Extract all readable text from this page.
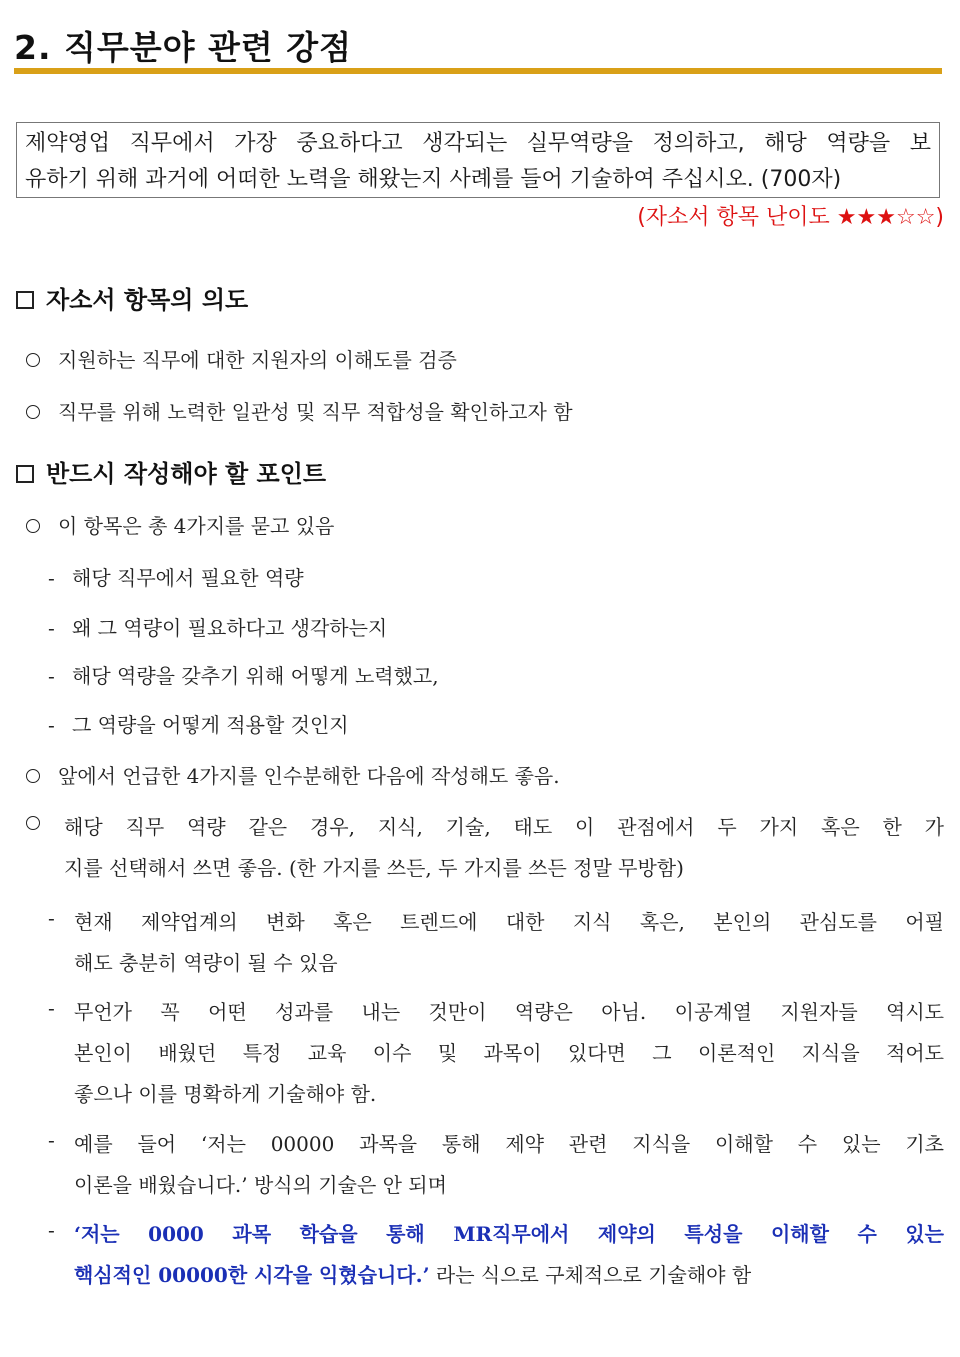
2. 직무분야 관련 강점
제약영업 직무에서 가장 중요하다고 생각되는 실무역량을 정의하고, 해당 역량을 보
유하기 위해 과거에 어떠한 노력을 해왔는지 사례를 들어 기술하여 주십시오. (700자)
(자소서 항목 난이도 ★★★☆☆)
자소서 항목의 의도
지원하는 직무에 대한 지원자의 이해도를 검증
직무를 위해 노력한 일관성 및 직무 적합성을 확인하고자 함
반드시 작성해야 할 포인트
이 항목은 총 4가지를 묻고 있음
- 해당 직무에서 필요한 역량
- 왜 그 역량이 필요하다고 생각하는지
- 해당 역량을 갖추기 위해 어떻게 노력했고,
- 그 역량을 어떻게 적용할 것인지
앞에서 언급한 4가지를 인수분해한 다음에 작성해도 좋음.
해당 직무 역량 같은 경우, 지식, 기술, 태도 이 관점에서 두 가지 혹은 한 가
지를 선택해서 쓰면 좋음. (한 가지를 쓰든, 두 가지를 쓰든 정말 무방함)
- 현재 제약업계의 변화 혹은 트렌드에 대한 지식 혹은, 본인의 관심도를 어필
해도 충분히 역량이 될 수 있음
- 무언가 꼭 어떤 성과를 내는 것만이 역량은 아님. 이공계열 지원자들 역시도
본인이 배웠던 특정 교육 이수 및 과목이 있다면 그 이론적인 지식을 적어도
좋으나 이를 명확하게 기술해야 함.
- 예를 들어 ‘저는 00000 과목을 통해 제약 관련 지식을 이해할 수 있는 기초
이론을 배웠습니다.’ 방식의 기술은 안 되며
- ‘저는 0000 과목 학습을 통해 MR직무에서 제약의 특성을 이해할 수 있는
핵심적인 00000한 시각을 익혔습니다.’ 라는 식으로 구체적으로 기술해야 함
